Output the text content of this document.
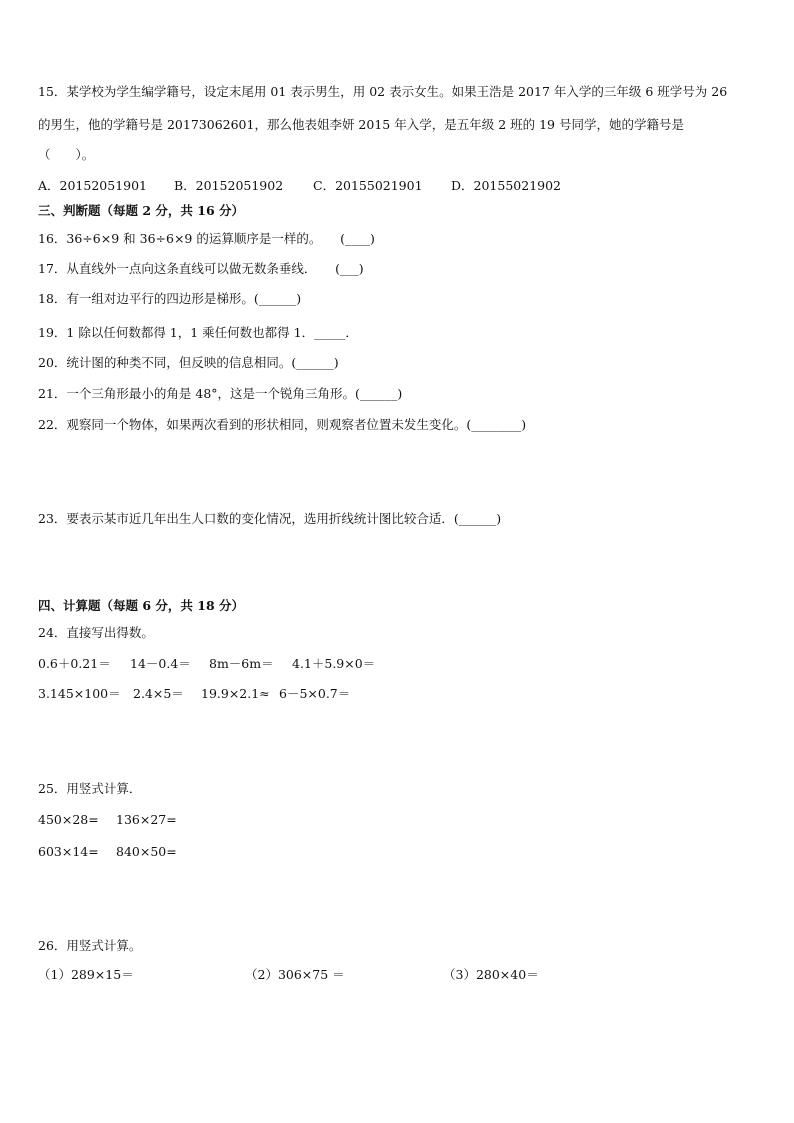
15．某学校为学生编学籍号，设定末尾用 01 表示男生，用 02 表示女生。如果王浩是 2017 年入学的三年级 6 班学号为 26
的男生，他的学籍号是 20173062601，那么他表姐李妍 2015 年入学，是五年级 2 班的 19 号同学，她的学籍号是
（　　）。
A．20152051901 B．20152051902 C．20155021901 D．20155021902
三、判断题（每题 2 分，共 16 分）
16．36÷6×9 和 36÷6×9 的运算顺序是一样的。　　(____)
17．从直线外一点向这条直线可以做无数条垂线．　　(___)
18．有一组对边平行的四边形是梯形。(______)
19．1 除以任何数都得 1，1 乘任何数也都得 1．_____．
20．统计图的种类不同，但反映的信息相同。(______)
21．一个三角形最小的角是 48°，这是一个锐角三角形。(______)
22．观察同一个物体，如果两次看到的形状相同，则观察者位置未发生变化。(________)
23．要表示某市近几年出生人口数的变化情况，选用折线统计图比较合适．(______)
四、计算题（每题 6 分，共 18 分）
24．直接写出得数。
0.6＋0.21＝ 14－0.4＝ 8m－6m＝ 4.1＋5.9×0＝
3.145×100＝ 2.4×5＝ 19.9×2.1≈ 6－5×0.7＝
25．用竖式计算．
450×28= 136×27=
603×14= 840×50=
26．用竖式计算。
（1）289×15＝	（2）306×75 ＝	（3）280×40＝
